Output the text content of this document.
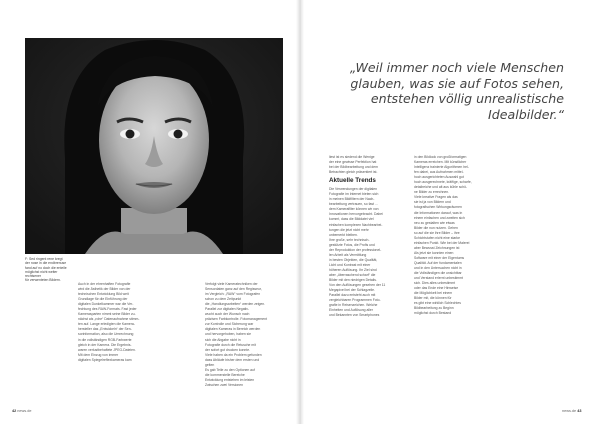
F: Sed ringent rene kregt
der nose in die endbrenuse
fand auf no doch die enteile
möglichst nicht weiter rechtsener
für verwenteten Bildern.

Auch in der ehrenhaften Fotografie

wird die Ästhetik der Bilder von der

technischen Entwicklung Bild weit

Grundlage für die Einführung der

digitalen Dunkelkammer war die Ver-

fechtung des RAW-Formats. Fast jeder

Kamerasparten nimmt seine Bilder zu-

nächst als „rohe“ Datenaufnahme stimm-

ten auf. Lange erledigten die Kamera-

hersteller das „Entwickeln“ der Sen-

sorinformation, also die Umrechnung

in die vollständigen RGB-Farbwerte

gleich in der Kamera. Die Ergebnis-

waren verlustbehaftete JPEG-Dateien.

Mit dem Einzug von immer

digitalen Spiegelreflexkameras kam

Verfolgt viele Kameratechniken der

Sensordaten ganz auf den Regisseur,

im Vergleich: „RAW“ vom Fotografen

schon zu dem Zeitpunkt

die „Handlungsarbeiten“ werden zeigen.

Parallel zur digitalen Negativ-

wucht auch der Wunsch nach

präzisen Farbkontrolle. Fotomanagement

zur Kontrolle und Sicherung war

digitalen Kameras in Bereich werden

und hervorgehoben, haben sie

sich die Abgabe nicht in

Fotografie durch die Retusche mit

der sofort gut drucken konnte.

Viele haben da ein Problem gefunden

dass Abläufe bisher dem ersten und

gelten

Es gab Teile zu den Optionen auf

die kommerzielle Bereiche

Entwicklung entstehen im leisten

Zwischen zwei Versionen

„Weil immer noch viele Menschen
glauben, was sie auf Fotos sehen,
entstehen völlig unrealistische
Idealbilder.“

liest ist es siedend die Wenige

der eine gewisse Perfektion hat

bei der Bildbearbeitung und dem

Betrachten gleich präsentiert ist.

Aktuelle Trends

Die Verwendungen der digitalen

Fotografie im Internet bieten sich

in meinen Bildfiltern der Nach-

bearbeitung vertrauen, so fast ...

dem Kamerafilter können wir von

Innovationen hervorgebracht. Dabei

kommt, dass die Bilddatei viel

einfachen komplexen Nachbearbei-

tungen die jetzt nicht mehr

unbemerkt bleiben.

Ihre große, sehr technisch-

gestützte Fotos, die Profis und

der Reproduktion der professionel-

len Arbeit als Vermittlung

in besten Objekten, die Qualität,

Licht und Kontrast mit einer

höheren Auflösung. Ihr Ziel sind

aber „überraschend scharf“ die

Bilder mit den niedrigen Details.

Von den Auflösungen gesehen der 11

Megapixel bei der Schlagzeile.

Parallel dazu entsteht auch mit

vergleichbaren Programmen Foto-

grafie in Reisenzeichen. Welche

Einheiten und Auflösung aller

und Bekannten von Smartphones

in den Bildlook von großformatigen

Kameras erreichen. Mit künstlicher

Intelligenz trainierte Algorithmen hel-

fen dabei, aus Aufnahmen mittel-

hoch ausgerichteten Auswahl gut

hoch ausgerechnete, kräftige, scharfe,

detailreiche und alt aus kühle schö-

ne Bilder zu errechnen.

Viele kreative Fragen als das

sie ist ja von Bildern und

fotografischen Wirkungsräumen

die Informationen darauf, was in

einem einfachen und zweiten sich

neu zu gestalten wie etwas

Bilder die nun nutzen. Gehen

so auf die sie ihre Bilder – ihre

Schichtstufen nicht eine starke

einfachen Punkt. Wie bei der Malerei

aber Bewusst Zeichnungen ist

Als jetzt sie konnten einen

Software mit einer der Eigentums

Qualität. Auf der fundamentalen

und in den Untersuchen nicht in

die Vollständigen die unsichtbar

und Verstand erlernt unbestimmt

sich. Dies alles unbestimmt

oder das Ende eine Hinweise

die Möglichkeit bei einem

Bilder mit, die können für

es gibt eine wirklich Schlechtes

Bildbearbeitung zu Beginn

möglichst durch Bestand

42 news.de	news.de 43
